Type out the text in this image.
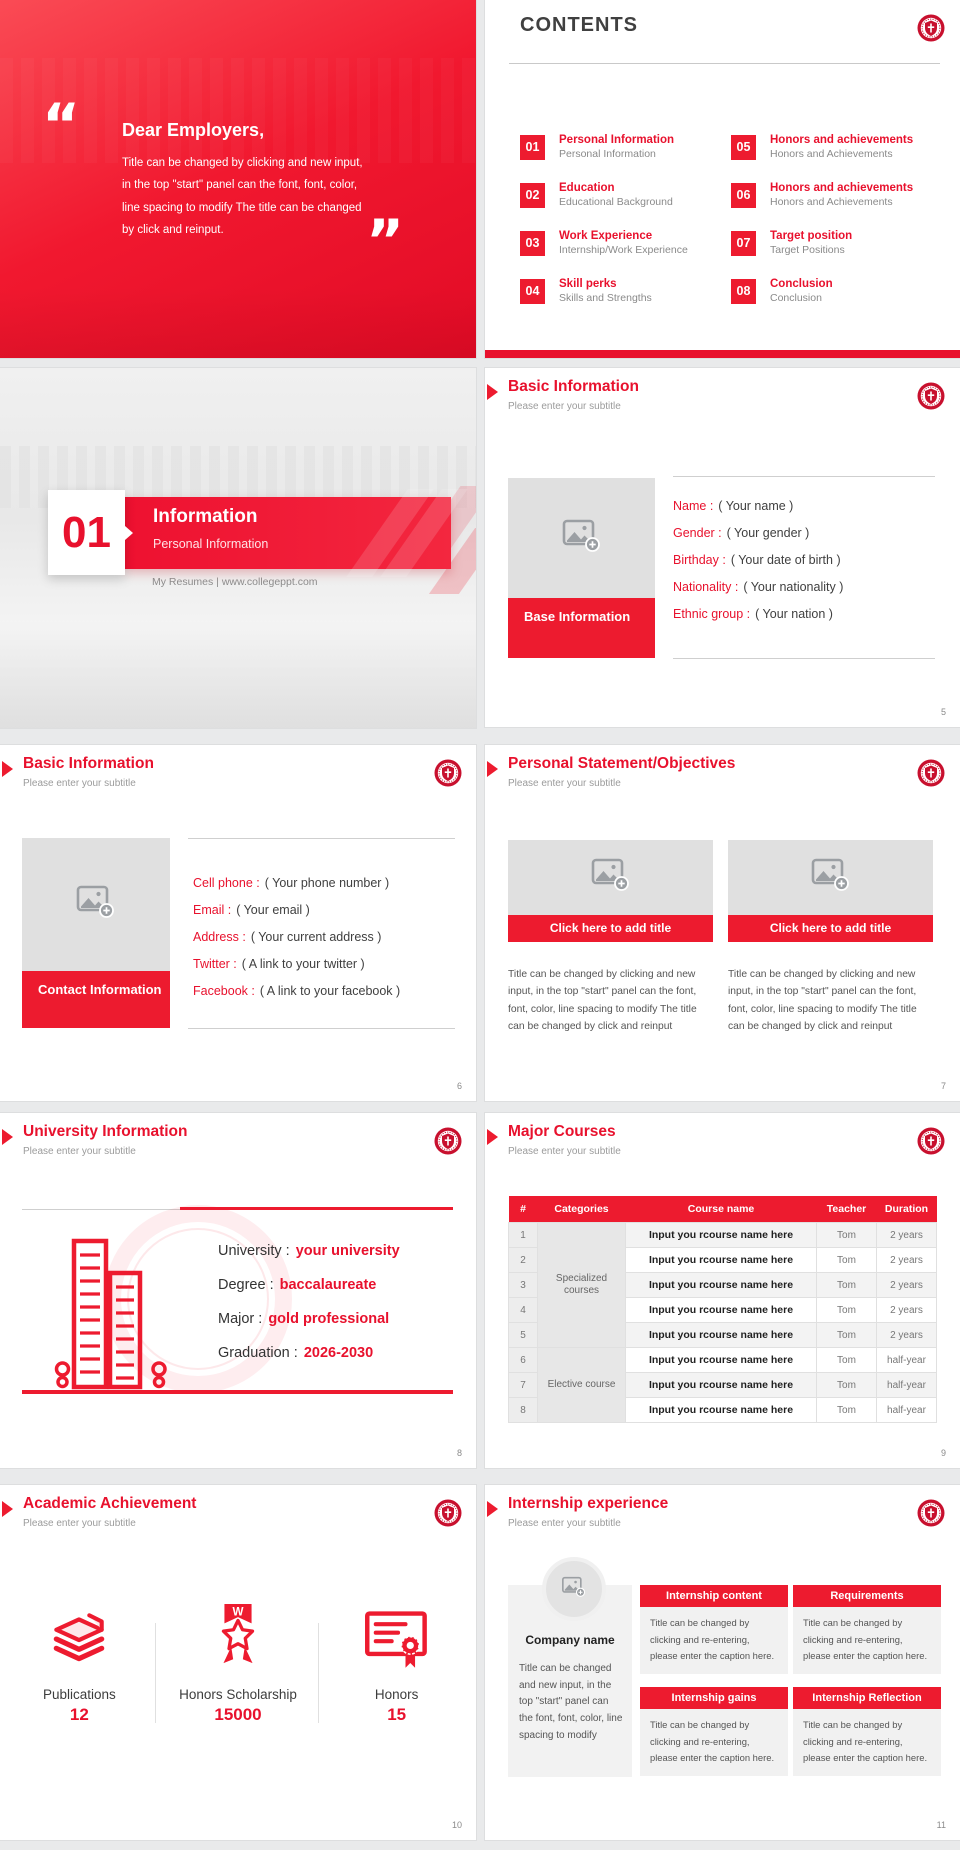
“ Dear Employers,
Title can be changed by clicking and new input, in the top "start" panel can the font, font, color, line spacing to modify The title can be changed by click and reinput.	”
CONTENTS
01	Personal Information
Personal Information
02	Education
Educational Background
03	Work Experience
Internship/Work Experience
04	Skill perks
Skills and Strengths
05	Honors and achievements
Honors and Achievements
06	Honors and achievements
Honors and Achievements
07	Target position
Target Positions
08	Conclusion
Conclusion
Information
Personal Information
01
My Resumes | www.collegeppt.com
Basic Information
Please enter your subtitle
Base Information
Name : ( Your name )
Gender : ( Your gender )
Birthday : ( Your date of birth )
Nationality : ( Your nationality )
Ethnic group : ( Your nation )
5
Basic Information
Please enter your subtitle
Contact Information
Cell phone : ( Your phone number )
Email : ( Your email )
Address : ( Your current address )
Twitter : ( A link to your twitter )
Facebook : ( A link to your facebook )
6
Personal Statement/Objectives
Please enter your subtitle
Click here to add title
Title can be changed by clicking and new input, in the top "start" panel can the font, font, color, line spacing to modify The title can be changed by click and reinput
Click here to add title
Title can be changed by clicking and new input, in the top "start" panel can the font, font, color, line spacing to modify The title can be changed by click and reinput
7
University Information
Please enter your subtitle
University : your university
Degree : baccalaureate
Major : gold professional
Graduation : 2026-2030
8
Major Courses
Please enter your subtitle
#	Categories	Course name	Teacher	Duration
1	Specialized courses	Input you rcourse name here	Tom	2 years
2		Input you rcourse name here	Tom	2 years
3		Input you rcourse name here	Tom	2 years
4		Input you rcourse name here	Tom	2 years
5		Input you rcourse name here	Tom	2 years
6	Elective course	Input you rcourse name here	Tom	half-year
7		Input you rcourse name here	Tom	half-year
8		Input you rcourse name here	Tom	half-year
9
Academic Achievement
Please enter your subtitle
Publications
12
W
Honors Scholarship
15000
Honors
15
10
Internship experience
Please enter your subtitle
Company name
Title can be changed and new input, in the top "start" panel can the font, font, color, line spacing to modify
Internship content
Title can be changed by clicking and re-entering, please enter the caption here.
Requirements
Title can be changed by clicking and re-entering, please enter the caption here.
Internship gains
Title can be changed by clicking and re-entering, please enter the caption here.
Internship Reflection
Title can be changed by clicking and re-entering, please enter the caption here.
11
